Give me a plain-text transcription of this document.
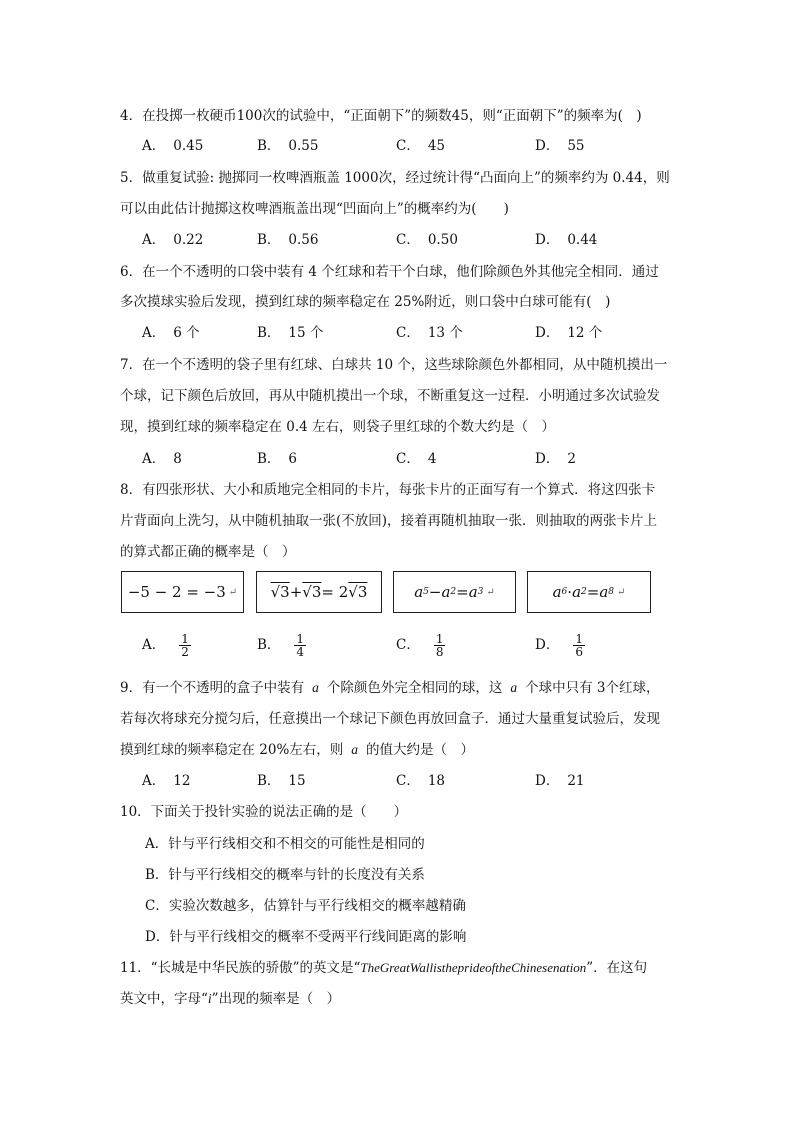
4．在投掷一枚硬币100次的试验中，“正面朝下”的频数45，则“正面朝下”的频率为(　)
A． 0.45	B． 0.55	C． 45	D． 55
5．做重复试验: 抛掷同一枚啤酒瓶盖 1000次，经过统计得“凸面向上”的频率约为 0.44，则
可以由此估计抛掷这枚啤酒瓶盖出现“凹面向上”的概率约为(　　)
A． 0.22	B． 0.56	C． 0.50	D． 0.44
6．在一个不透明的口袋中装有 4 个红球和若干个白球，他们除颜色外其他完全相同．通过
多次摸球实验后发现，摸到红球的频率稳定在 25%附近，则口袋中白球可能有(　)
A． 6 个	B． 15 个	C． 13 个	D． 12 个
7．在一个不透明的袋子里有红球、白球共 10 个，这些球除颜色外都相同，从中随机摸出一
个球，记下颜色后放回，再从中随机摸出一个球，不断重复这一过程．小明通过多次试验发
现，摸到红球的频率稳定在 0.4 左右，则袋子里红球的个数大约是（　）
A． 8	B． 6	C． 4	D． 2
8．有四张形状、大小和质地完全相同的卡片，每张卡片的正面写有一个算式．将这四张卡
片背面向上洗匀，从中随机抽取一张(不放回)，接着再随机抽取一张．则抽取的两张卡片上
的算式都正确的概率是（　）
−5 − 2 = −3 ↵ √3 + √3 = 2 √3	a 5 − a 2 = a 3 ↵	a 6 · a 2 = a 8 ↵
A． $\frac{1}{2}$	B． $\frac{1}{4}$	C． $\frac{1}{8}$	D． $\frac{1}{6}$
9．有一个不透明的盒子中装有 a 个除颜色外完全相同的球，这 a 个球中只有 3个红球，
若每次将球充分搅匀后，任意摸出一个球记下颜色再放回盒子．通过大量重复试验后，发现
摸到红球的频率稳定在 20%左右，则 a 的值大约是（　）
A． 12	B． 15	C． 18	D． 21
10．下面关于投针实验的说法正确的是（　　）
A．针与平行线相交和不相交的可能性是相同的
B．针与平行线相交的概率与针的长度没有关系
C．实验次数越多，估算针与平行线相交的概率越精确
D．针与平行线相交的概率不受两平行线间距离的影响
11．“长城是中华民族的骄傲”的英文是“TheGreatWallistheprideoftheChinesenation”．在这句
英文中，字母“i”出现的频率是（　）
